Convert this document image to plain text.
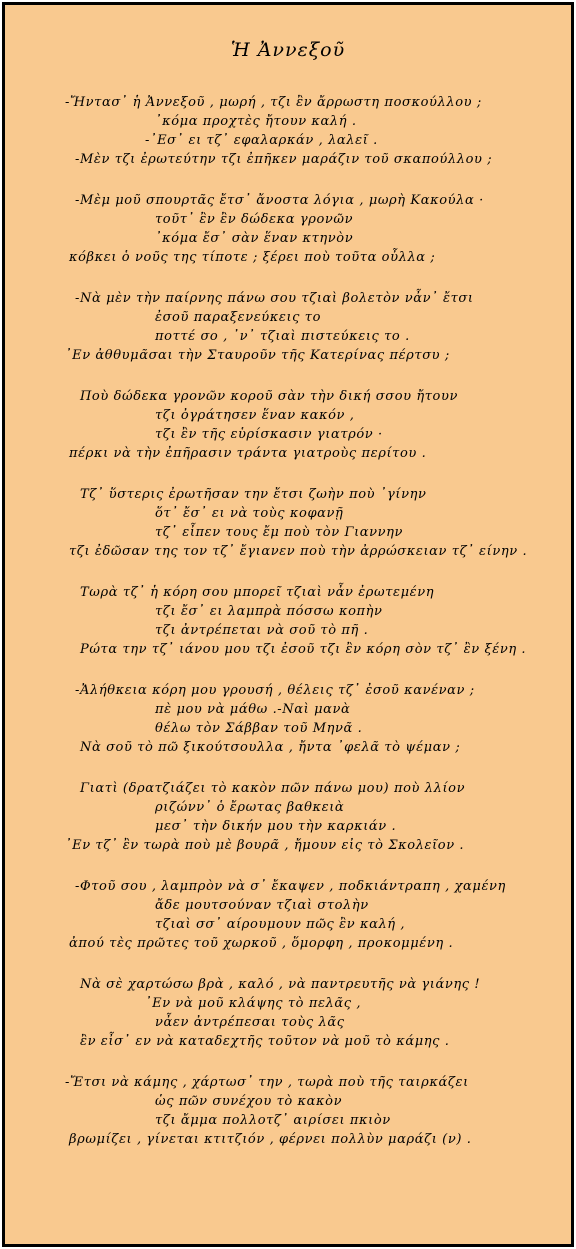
Ἡ Ἀννεξοῦ
-Ἤντασ᾽ ἡ Ἀννεξοῦ , μωρή , τζι ἒν ἄρρωστη ποσκούλλου ;
᾽κόμα προχτὲς ἤτουν καλή .
-᾽Εσ᾽ ει τζ᾽ εφαλαρκάν , λαλεῖ .
-Μὲν τζι ἐρωτεύτην τζι ἐπῆκεν μαράζιν τοῦ σκαπούλλου ;
-Μὲμ μοῦ σπουρτᾶς ἔτσ᾽ ἄνοστα λόγια , μωρὴ Κακούλα ·
τοῦτ᾽ ἒν ἒν δώδεκα γρονῶν
᾽κόμα ἔσ᾽ σὰν ἕναν κτηνὸν
κόβκει ὁ νοῦς της τίποτε ; ξέρει ποὺ τοῦτα οὖλλα ;
-Νὰ μὲν τὴν παίρνης πάνω σου τζιαὶ βολετὸν νἆν᾽ ἔτσι
ἐσοῦ παραξενεύκεις το
ποττέ σο , ᾽ν᾽ τζιαὶ πιστεύκεις το .
᾽Εν ἀθθυμᾶσαι τὴν Σταυροῦν τῆς Κατερίνας πέρτσυ ;
Ποὺ δώδεκα γρονῶν κοροῦ σὰν τὴν δική σσου ἤτουν
τζι ὀγράτησεν ἕναν κακόν ,
τζι ἒν τῆς εὑρίσκασιν γιατρόν ·
πέρκι νὰ τὴν ἐπῆρασιν τράντα γιατροὺς περίτου .
Τζ᾽ ὕστερις ἐρωτῆσαν την ἔτσι ζωὴν ποὺ ᾽γίνην
ὅτ᾽ ἔσ᾽ ει νὰ τοὺς κοφανῇ
τζ᾽ εἶπεν τους ἔμ ποὺ τὸν Γιαννην
τζι ἐδῶσαν της τον τζ᾽ ἔγιανεν ποὺ τὴν ἀρρώσκειαν τζ᾽ είνην .
Τωρὰ τζ᾽ ἡ κόρη σου μπορεῖ τζιαὶ νἆν ἐρωτεμένη
τζι ἔσ᾽ ει λαμπρὰ πόσσω κοπὴν
τζι ἀντρέπεται νὰ σοῦ τὸ πῆ .
Ρώτα την τζ᾽ ιάνου μου τζι ἐσοῦ τζι ἒν κόρη σὸν τζ᾽ ἒν ξένη .
-Ἀλήθκεια κόρη μου γρουσή , θέλεις τζ᾽ ἐσοῦ κανέναν ;
πὲ μου νὰ μάθω .-Ναὶ μανὰ
θέλω τὸν Σάββαν τοῦ Μηνᾶ .
Νὰ σοῦ τὸ πῶ ξικούτσουλλα , ἤντα ᾽φελᾶ τὸ ψέμαν ;
Γιατὶ (δρατζιάζει τὸ κακὸν πῶν πάνω μου) ποὺ λλίον
ριζώνν᾽ ὁ ἔρωτας βαθκειὰ
μεσ᾽ τὴν δικήν μου τὴν καρκιάν .
᾽Εν τζ᾽ ἒν τωρὰ ποὺ μὲ βουρᾶ , ἤμουν εἰς τὸ Σκολεῖον .
-Φτοῦ σου , λαμπρὸν νὰ σ᾽ ἔκαψεν , ποδκιάντραπη , χαμένη
ἄδε μουτσούναν τζιαὶ στολὴν
τζιαὶ σσ᾽ αίρουμουν πῶς ἒν καλή ,
ἀπού τὲς πρῶτες τοῦ χωρκοῦ , ὅμορφη , προκομμένη .
Νὰ σὲ χαρτώσω βρὰ , καλό , νὰ παντρευτῆς νὰ γιάνης !
᾽Εν νὰ μοῦ κλάψης τὸ πελᾶς ,
νἆεν ἀντρέπεσαι τοὺς λᾶς
ἒν εἶσ᾽ εν νὰ καταδεχτῆς τοῦτον νὰ μοῦ τὸ κάμης .
-Ἔτσι νὰ κάμης , χάρτωσ᾽ την , τωρὰ ποὺ τῆς ταιρκάζει
ὡς πῶν συνέχου τὸ κακὸν
τζι ἄμμα πολλοτζ᾽ αιρίσει πκιὸν
βρωμίζει , γίνεται κτιτζιόν , φέρνει πολλὺν μαράζι (ν) .
